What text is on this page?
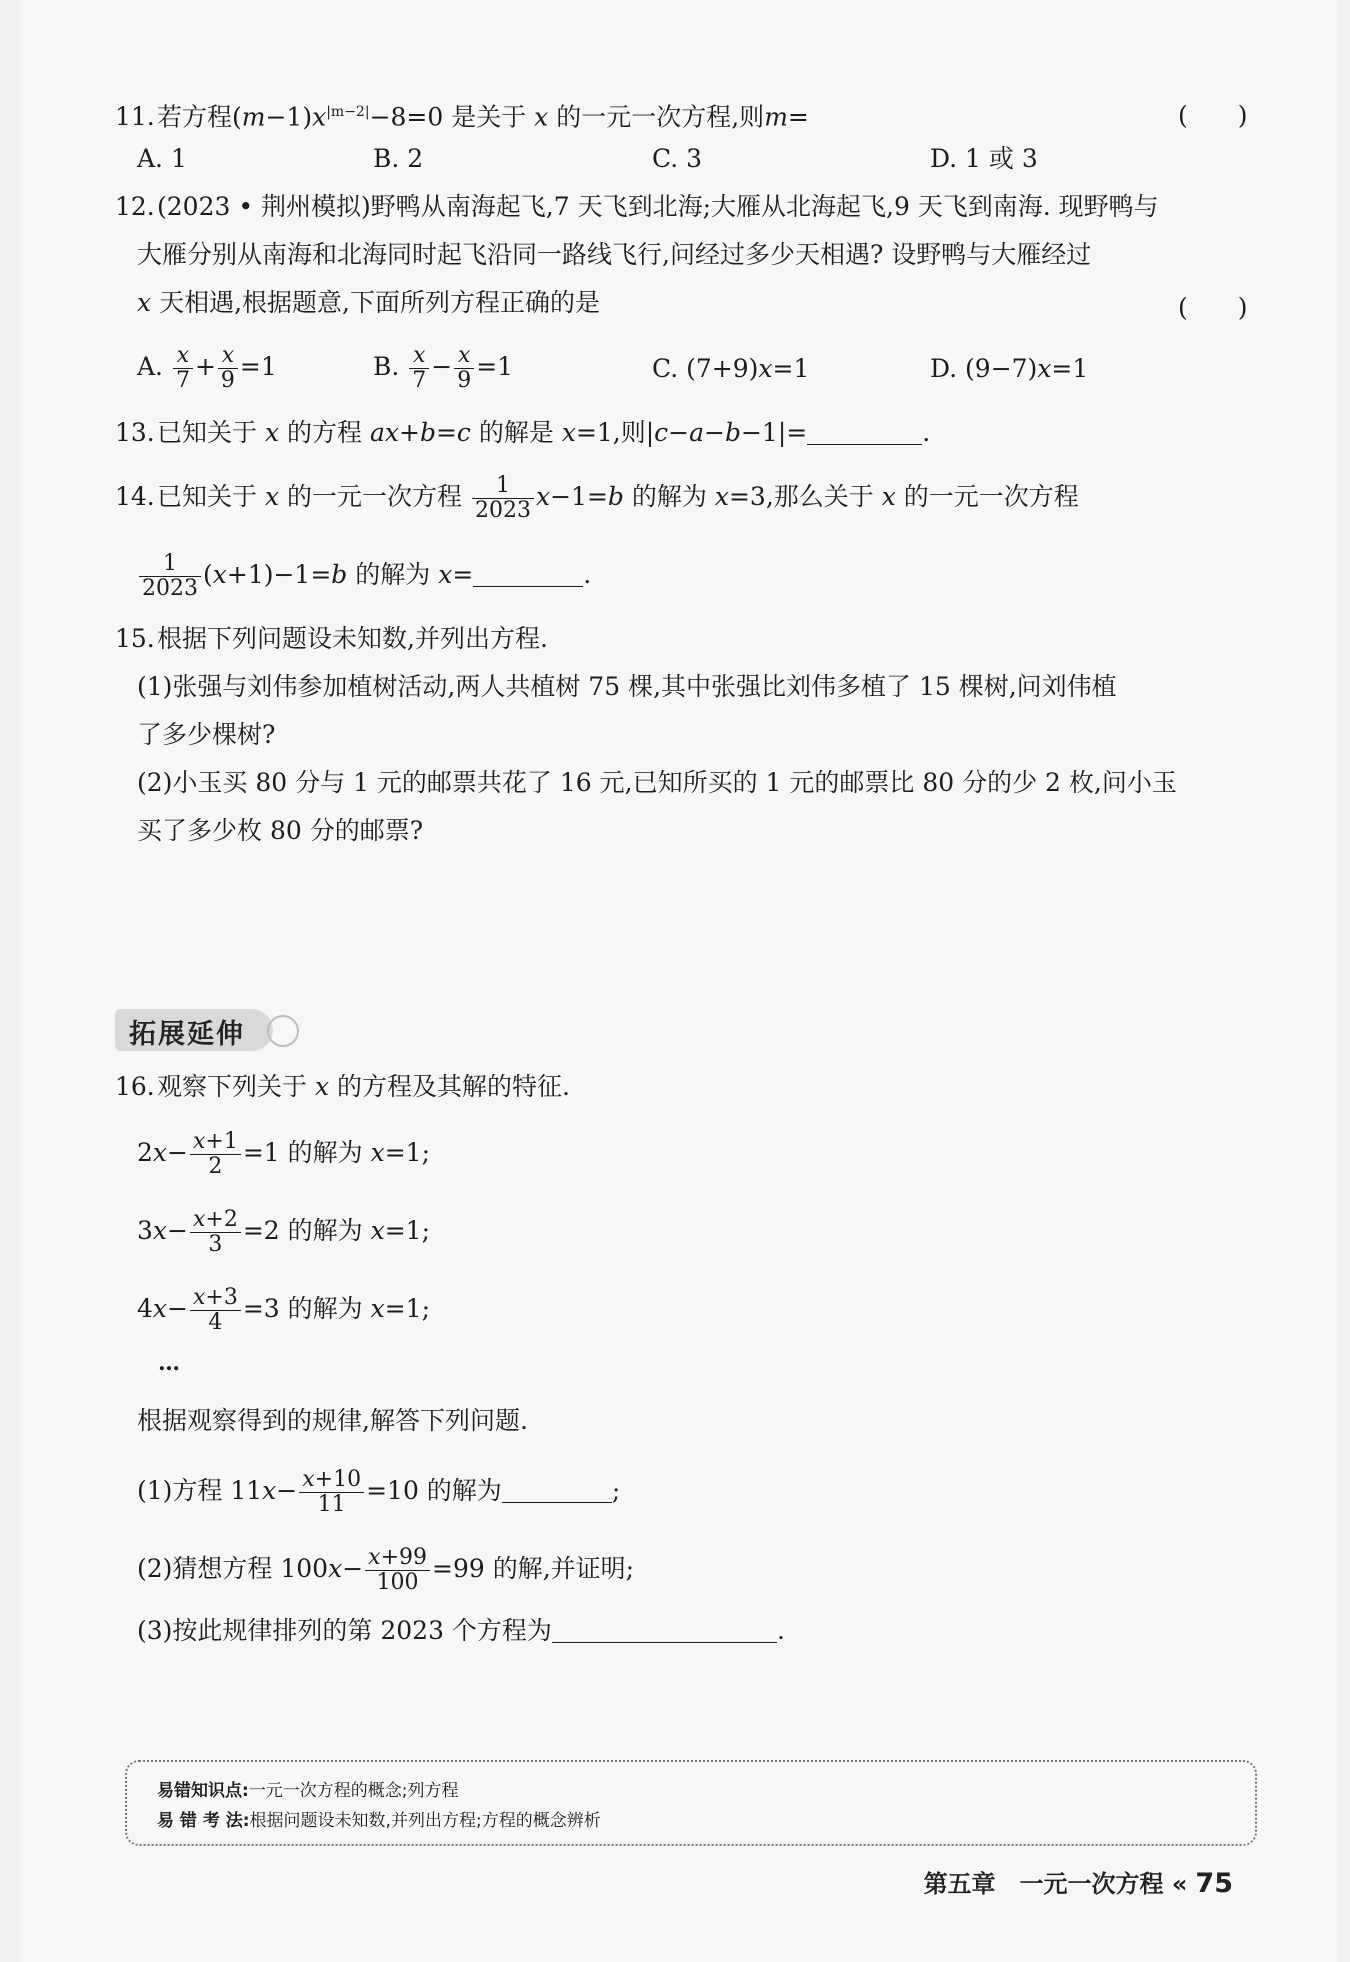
11.若方程$(m-1)x^{|m-2|}-8=0$ 是关于 x 的一元一次方程,则m=	(　　)
A. 1	B. 2	C. 3	D. 1 或 3
12.(2023 • 荆州模拟)野鸭从南海起飞,7 天飞到北海;大雁从北海起飞,9 天飞到南海. 现野鸭与
大雁分别从南海和北海同时起飞沿同一路线飞行,问经过多少天相遇? 设野鸭与大雁经过
x 天相遇,根据题意,下面所列方程正确的是	(　　)
A. $\frac{x}{7} + \frac{x}{9} =1$	B. $\frac{x}{7} - \frac{x}{9} =1$	C. (7+9)x=1	D. (9−7)x=1
13.已知关于 x 的方程 ax+b=c 的解是 x=1,则|c−a−b−1|=	.
14.已知关于 x 的一元一次方程 $\frac{1}{2023} x-1=b$ 的解为 x=3,那么关于 x 的一元一次方程
$\frac{1}{2023} (x+1)-1=b$ 的解为 x=	.
15.根据下列问题设未知数,并列出方程.
(1)张强与刘伟参加植树活动,两人共植树 75 棵,其中张强比刘伟多植了 15 棵树,问刘伟植
了多少棵树?
(2)小玉买 80 分与 1 元的邮票共花了 16 元,已知所买的 1 元的邮票比 80 分的少 2 枚,问小玉
买了多少枚 80 分的邮票?
拓展延伸
16.观察下列关于 x 的方程及其解的特征.
$2x- \frac{x+1}{2} =1$ 的解为 x=1;
$3x- \frac{x+2}{3} =2$ 的解为 x=1;
$4x- \frac{x+3}{4} =3$ 的解为 x=1;
…
根据观察得到的规律,解答下列问题.
(1)方程 $11x- \frac{x+10}{11} =10$ 的解为	;
(2)猜想方程 $100x- \frac{x+99}{100} =99$ 的解,并证明;
(3)按此规律排列的第 2023 个方程为	.
易错知识点:一元一次方程的概念;列方程
易 错 考 法:根据问题设未知数,并列出方程;方程的概念辨析
第五章　一元一次方程 « 75
